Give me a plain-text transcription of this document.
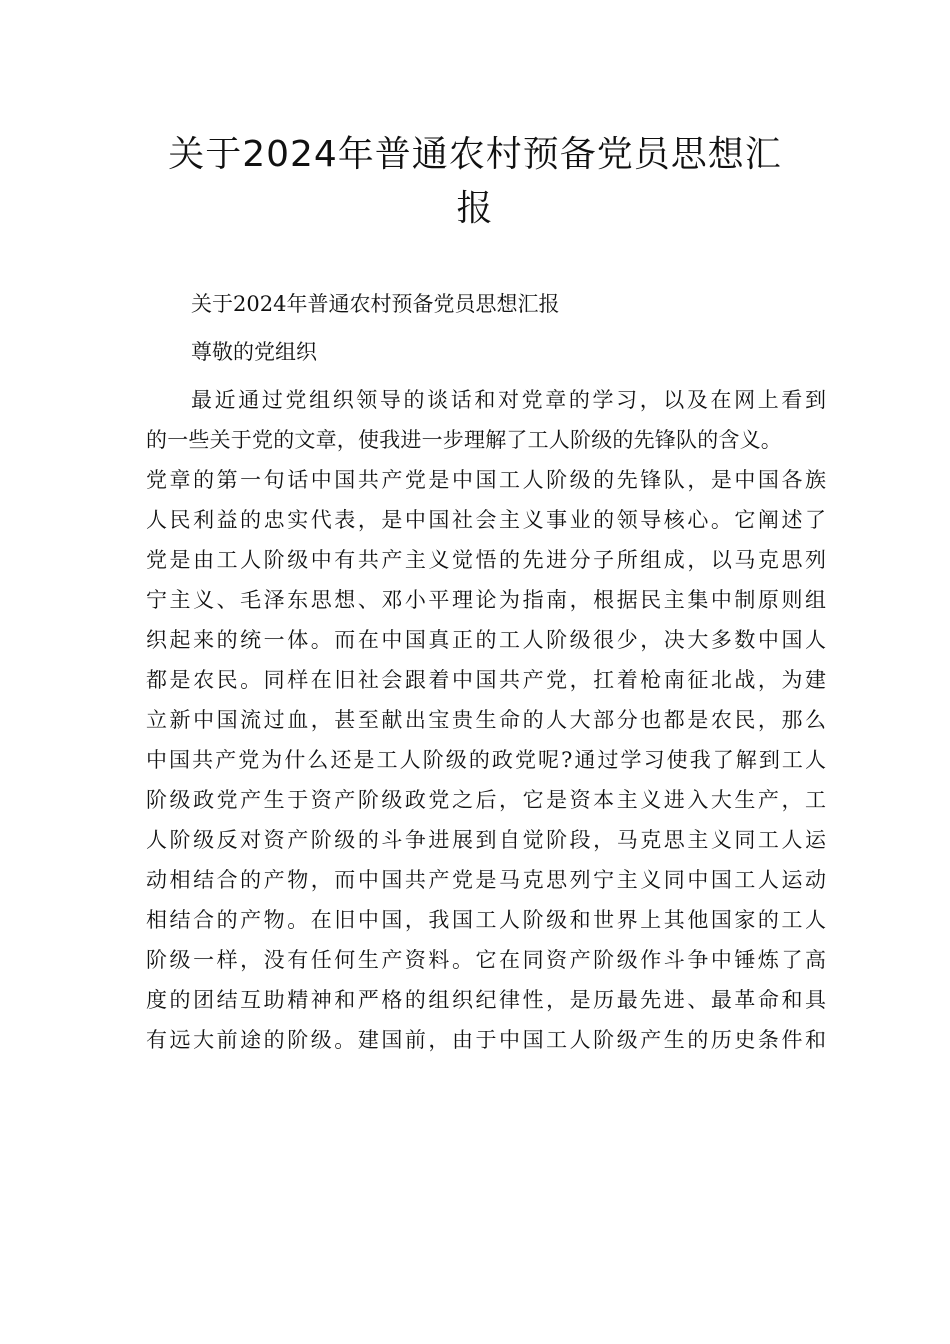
关于2024年普通农村预备党员思想汇
报

关于2024年普通农村预备党员思想汇报

尊敬的党组织

最近通过党组织领导的谈话和对党章的学习，以及在网上看到
的一些关于党的文章，使我进一步理解了工人阶级的先锋队的含义。
党章的第一句话中国共产党是中国工人阶级的先锋队，是中国各族
人民利益的忠实代表，是中国社会主义事业的领导核心。它阐述了
党是由工人阶级中有共产主义觉悟的先进分子所组成，以马克思列
宁主义、毛泽东思想、邓小平理论为指南，根据民主集中制原则组
织起来的统一体。而在中国真正的工人阶级很少，决大多数中国人
都是农民。同样在旧社会跟着中国共产党，扛着枪南征北战，为建
立新中国流过血，甚至献出宝贵生命的人大部分也都是农民，那么
中国共产党为什么还是工人阶级的政党呢?通过学习使我了解到工人
阶级政党产生于资产阶级政党之后，它是资本主义进入大生产，工
人阶级反对资产阶级的斗争进展到自觉阶段，马克思主义同工人运
动相结合的产物，而中国共产党是马克思列宁主义同中国工人运动
相结合的产物。在旧中国，我国工人阶级和世界上其他国家的工人
阶级一样，没有任何生产资料。它在同资产阶级作斗争中锤炼了高
度的团结互助精神和严格的组织纪律性，是历最先进、最革命和具
有远大前途的阶级。建国前，由于中国工人阶级产生的历史条件和
